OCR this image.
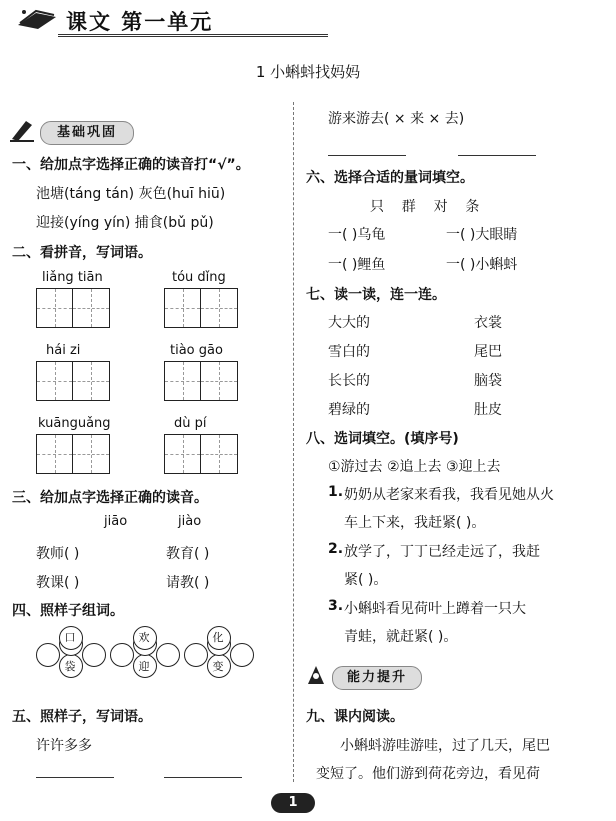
课文 第一单元
1 小蝌蚪找妈妈
基础巩固
一、给加点字选择正确的读音打“√”。
池塘(táng tán) 灰色(huī hiū)
迎接(yíng yín) 捕食(bǔ pǔ)
二、看拼音，写词语。
liǎng tiān	tóu dǐng
hái zi	tiào gāo
kuānguǎng	dù pí
三、给加点字选择正确的读音。
jiāo	jiào
教师( )	教育( )
教课( )	请教( )
四、照样子组词。
口
袋
欢
迎
化
变
五、照样子，写词语。
许许多多
游来游去( × 来 × 去)
六、选择合适的量词填空。
只    群    对    条
一( )乌龟	一( )大眼睛
一( )鲤鱼	一( )小蝌蚪
七、读一读，连一连。
大大的	衣裳
雪白的	尾巴
长长的	脑袋
碧绿的	肚皮
八、选词填空。(填序号)
①游过去 ②追上去 ③迎上去
1. 奶奶从老家来看我，我看见她从火
车上下来，我赶紧( )。
2. 放学了，丁丁已经走远了，我赶
紧( )。
3. 小蝌蚪看见荷叶上蹲着一只大
青蛙，就赶紧( )。
能力提升
九、课内阅读。
小蝌蚪游哇游哇，过了几天，尾巴
变短了。他们游到荷花旁边，看见荷
1
